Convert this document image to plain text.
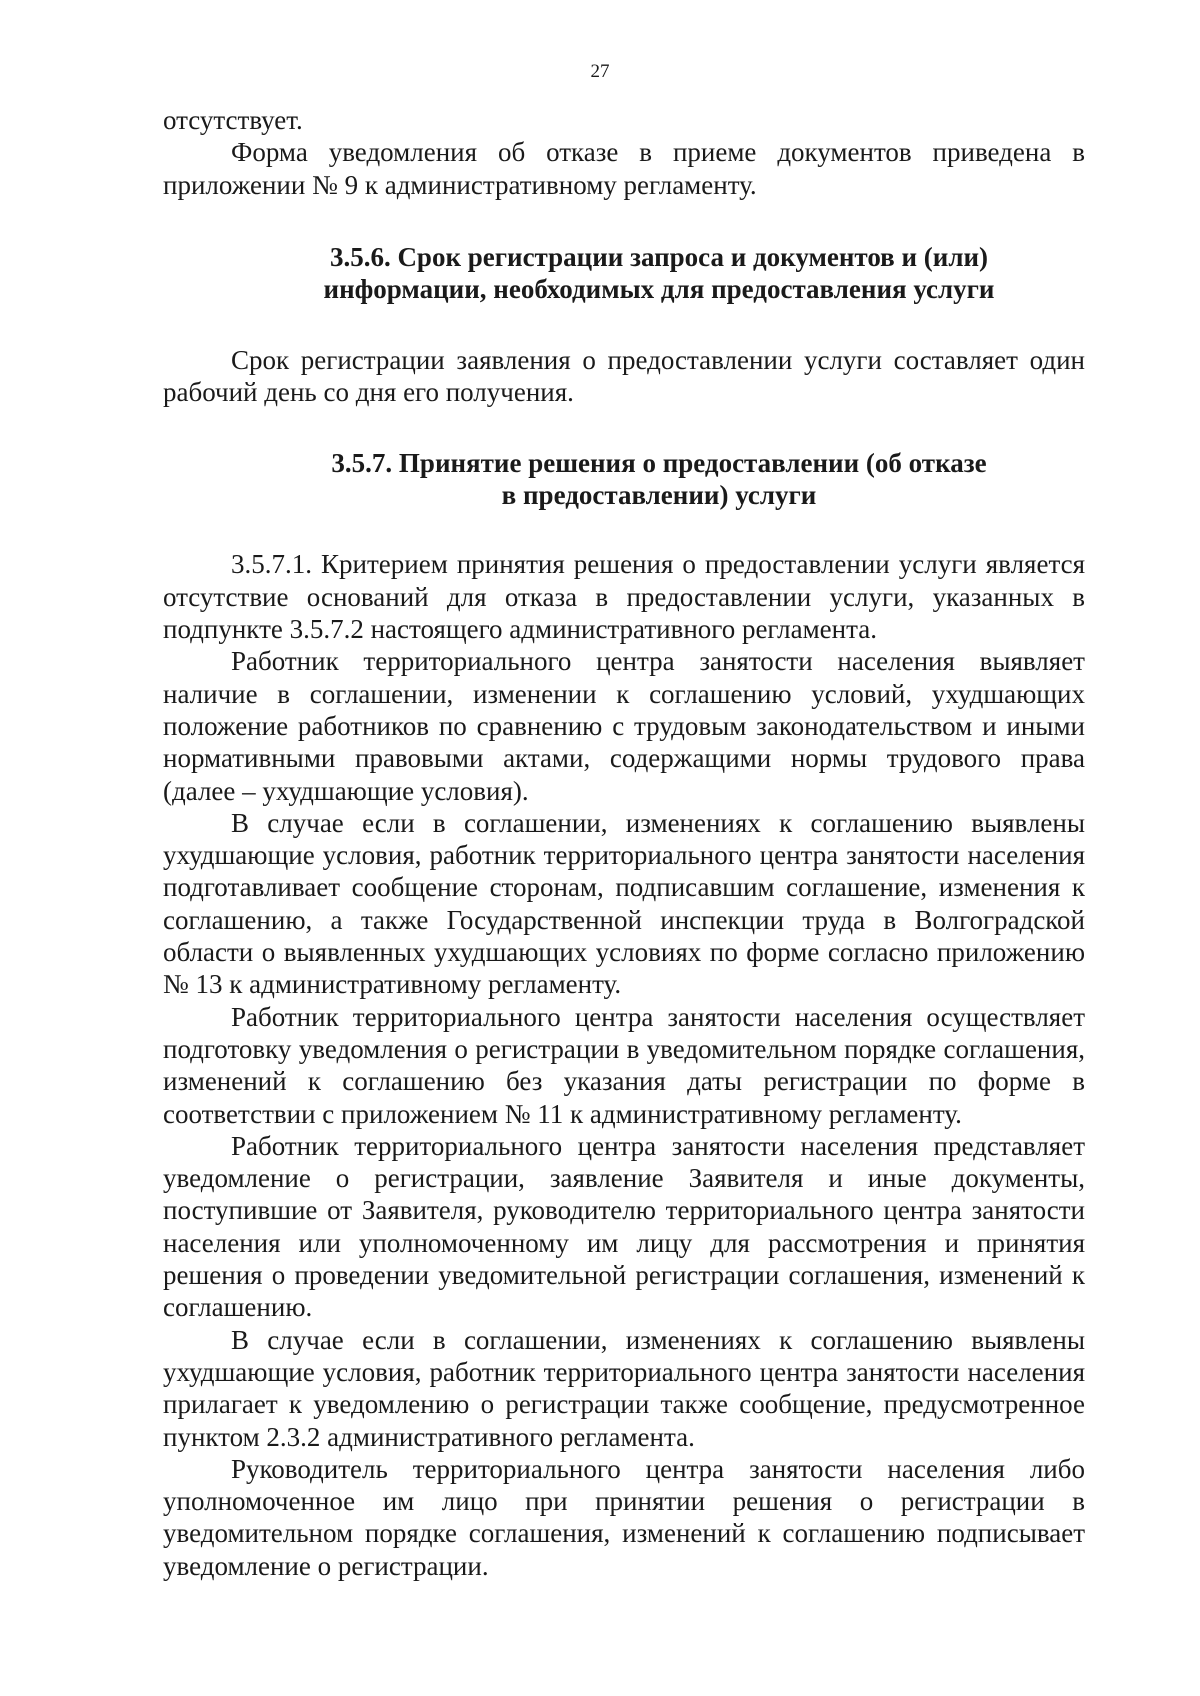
27

отсутствует.

Форма уведомления об отказе в приеме документов приведена в приложении № 9 к административному регламенту.

3.5.6. Срок регистрации запроса и документов и (или)
информации, необходимых для предоставления услуги

Срок регистрации заявления о предоставлении услуги составляет один рабочий день со дня его получения.

3.5.7. Принятие решения о предоставлении (об отказе
в предоставлении) услуги

3.5.7.1. Критерием принятия решения о предоставлении услуги является отсутствие оснований для отказа в предоставлении услуги, указанных в подпункте 3.5.7.2 настоящего административного регламента.

Работник территориального центра занятости населения выявляет наличие в соглашении, изменении к соглашению условий, ухудшающих положение работников по сравнению с трудовым законодательством и иными нормативными правовыми актами, содержащими нормы трудового права (далее – ухудшающие условия).

В случае если в соглашении, изменениях к соглашению выявлены ухудшающие условия, работник территориального центра занятости населения подготавливает сообщение сторонам, подписавшим соглашение, изменения к соглашению, а также Государственной инспекции труда в Волгоградской области о выявленных ухудшающих условиях по форме согласно приложению № 13 к административному регламенту.

Работник территориального центра занятости населения осуществляет подготовку уведомления о регистрации в уведомительном порядке соглашения, изменений к соглашению без указания даты регистрации по форме в соответствии с приложением № 11 к административному регламенту.

Работник территориального центра занятости населения представляет уведомление о регистрации, заявление Заявителя и иные документы, поступившие от Заявителя, руководителю территориального центра занятости населения или уполномоченному им лицу для рассмотрения и принятия решения о проведении уведомительной регистрации соглашения, изменений к соглашению.

В случае если в соглашении, изменениях к соглашению выявлены ухудшающие условия, работник территориального центра занятости населения прилагает к уведомлению о регистрации также сообщение, предусмотренное пунктом 2.3.2 административного регламента.

Руководитель территориального центра занятости населения либо уполномоченное им лицо при принятии решения о регистрации в уведомительном порядке соглашения, изменений к соглашению подписывает уведомление о регистрации.
